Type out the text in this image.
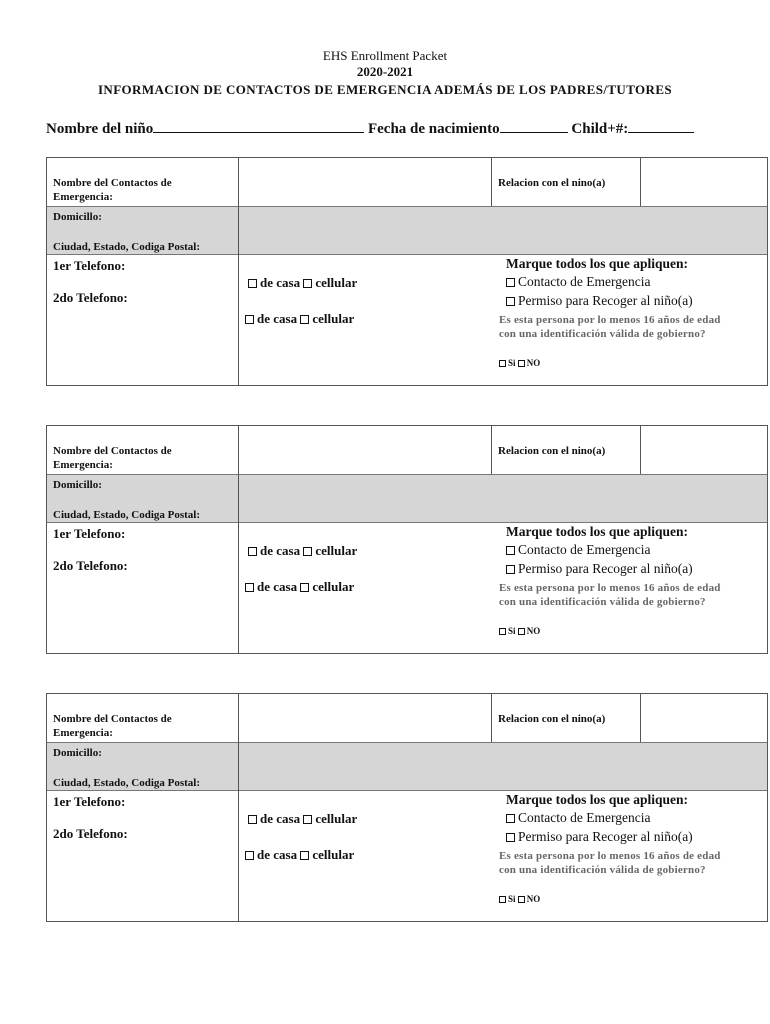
EHS Enrollment Packet
2020-2021
INFORMACION DE CONTACTOS DE EMERGENCIA ADEMÁS DE LOS PADRES/TUTORES
Nombre del niño	Fecha de nacimiento	Child+#:
Nombre del Contactos de Emergencia:
Relacion con el nino(a)
Domicillo:
Ciudad, Estado, Codiga Postal:
1er Telefono:
2do Telefono:
de casa cellular
de casa cellular
Marque todos los que apliquen:
Contacto de Emergencia
Permiso para Recoger al niño(a)
Es esta persona por lo menos 16 años de edad con una identificación válida de gobierno?
Si NO
Nombre del Contactos de Emergencia:
Relacion con el nino(a)
Domicillo:
Ciudad, Estado, Codiga Postal:
1er Telefono:
2do Telefono:
de casa cellular
de casa cellular
Marque todos los que apliquen:
Contacto de Emergencia
Permiso para Recoger al niño(a)
Es esta persona por lo menos 16 años de edad con una identificación válida de gobierno?
Si NO
Nombre del Contactos de Emergencia:
Relacion con el nino(a)
Domicillo:
Ciudad, Estado, Codiga Postal:
1er Telefono:
2do Telefono:
de casa cellular
de casa cellular
Marque todos los que apliquen:
Contacto de Emergencia
Permiso para Recoger al niño(a)
Es esta persona por lo menos 16 años de edad con una identificación válida de gobierno?
Si NO
